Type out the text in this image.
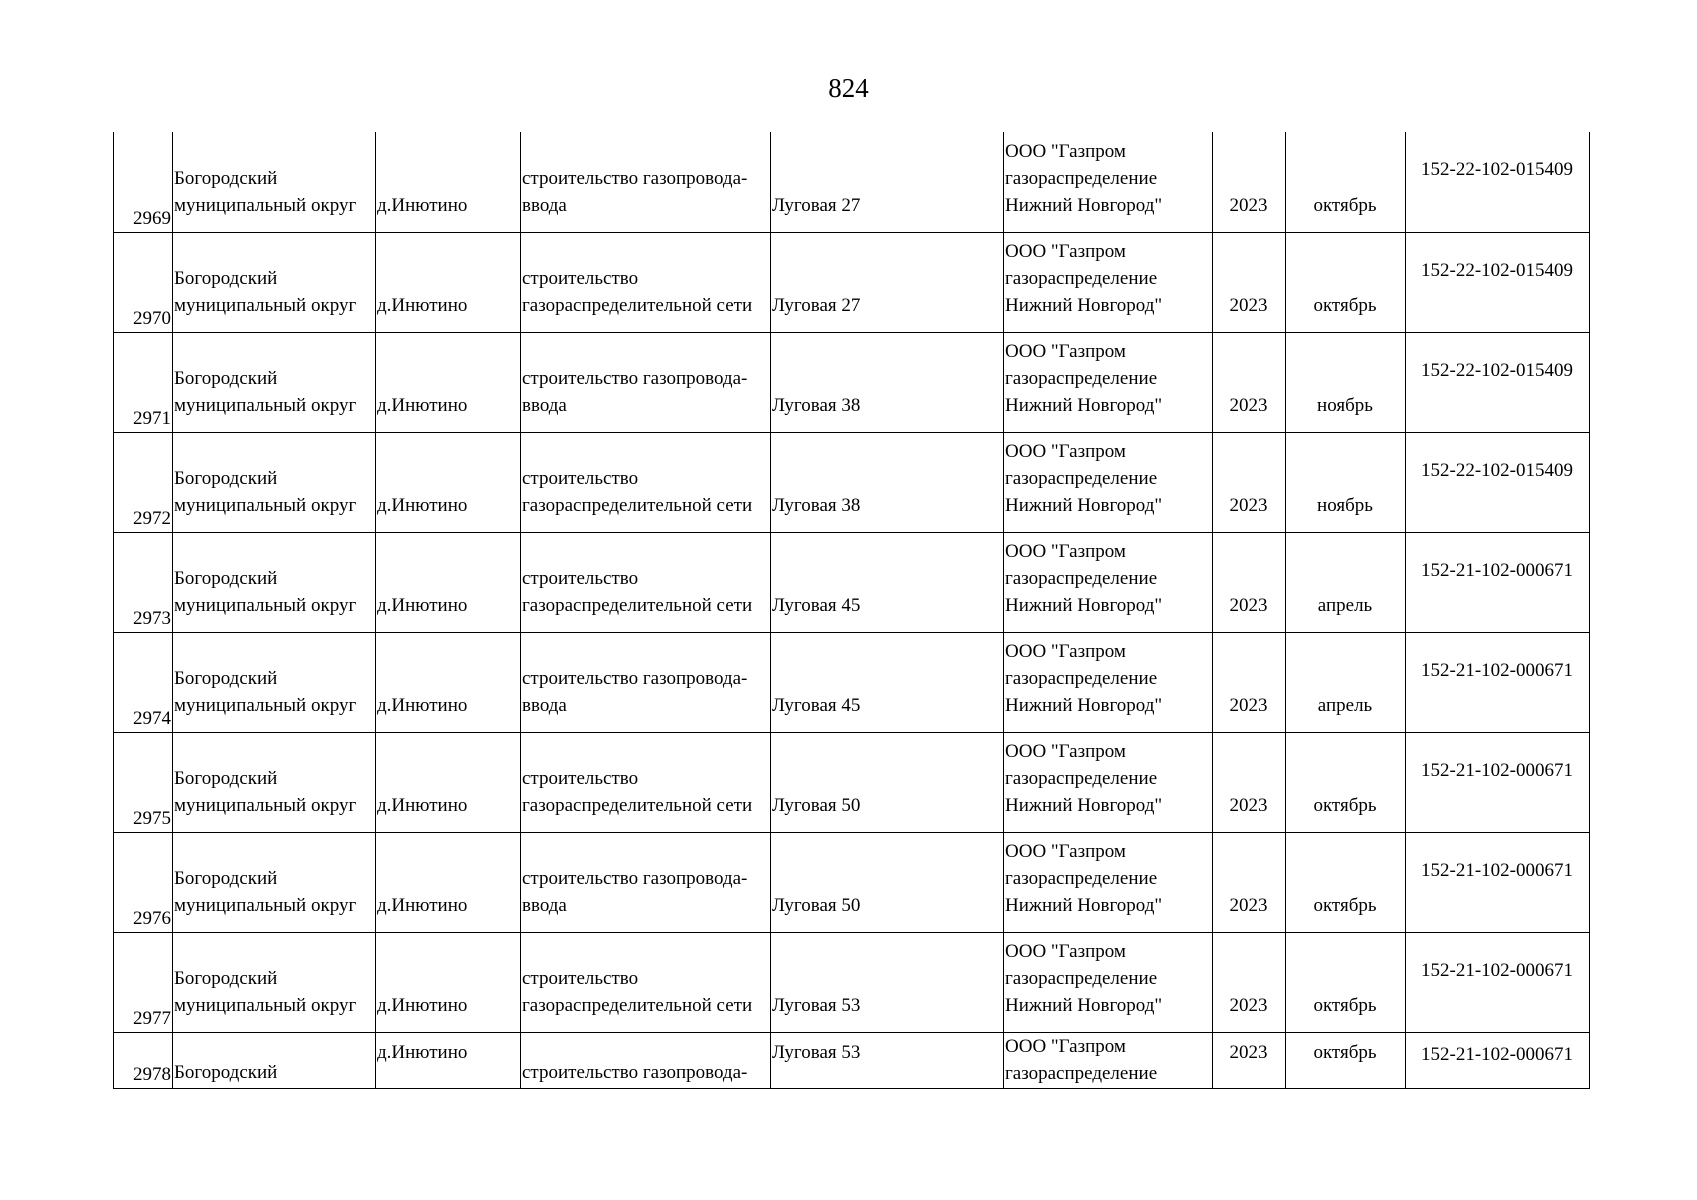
824
2969	Богородский
муниципальный округ	д.Инютино	строительство газопровода-
ввода	Луговая 27	ООО "Газпром
газораспределение
Нижний Новгород"	2023	октябрь	152-22-102-015409

2970	Богородский
муниципальный округ	д.Инютино	строительство
газораспределительной сети	Луговая 27	ООО "Газпром
газораспределение
Нижний Новгород"	2023	октябрь	152-22-102-015409

2971	Богородский
муниципальный округ	д.Инютино	строительство газопровода-
ввода	Луговая 38	ООО "Газпром
газораспределение
Нижний Новгород"	2023	ноябрь	152-22-102-015409

2972	Богородский
муниципальный округ	д.Инютино	строительство
газораспределительной сети	Луговая 38	ООО "Газпром
газораспределение
Нижний Новгород"	2023	ноябрь	152-22-102-015409

2973	Богородский
муниципальный округ	д.Инютино	строительство
газораспределительной сети	Луговая 45	ООО "Газпром
газораспределение
Нижний Новгород"	2023	апрель	152-21-102-000671

2974	Богородский
муниципальный округ	д.Инютино	строительство газопровода-
ввода	Луговая 45	ООО "Газпром
газораспределение
Нижний Новгород"	2023	апрель	152-21-102-000671

2975	Богородский
муниципальный округ	д.Инютино	строительство
газораспределительной сети	Луговая 50	ООО "Газпром
газораспределение
Нижний Новгород"	2023	октябрь	152-21-102-000671

2976	Богородский
муниципальный округ	д.Инютино	строительство газопровода-
ввода	Луговая 50	ООО "Газпром
газораспределение
Нижний Новгород"	2023	октябрь	152-21-102-000671

2977	Богородский
муниципальный округ	д.Инютино	строительство
газораспределительной сети	Луговая 53	ООО "Газпром
газораспределение
Нижний Новгород"	2023	октябрь	152-21-102-000671

2978	Богородский	д.Инютино	строительство газопровода-	Луговая 53	ООО "Газпром
газораспределение	2023	октябрь	152-21-102-000671
